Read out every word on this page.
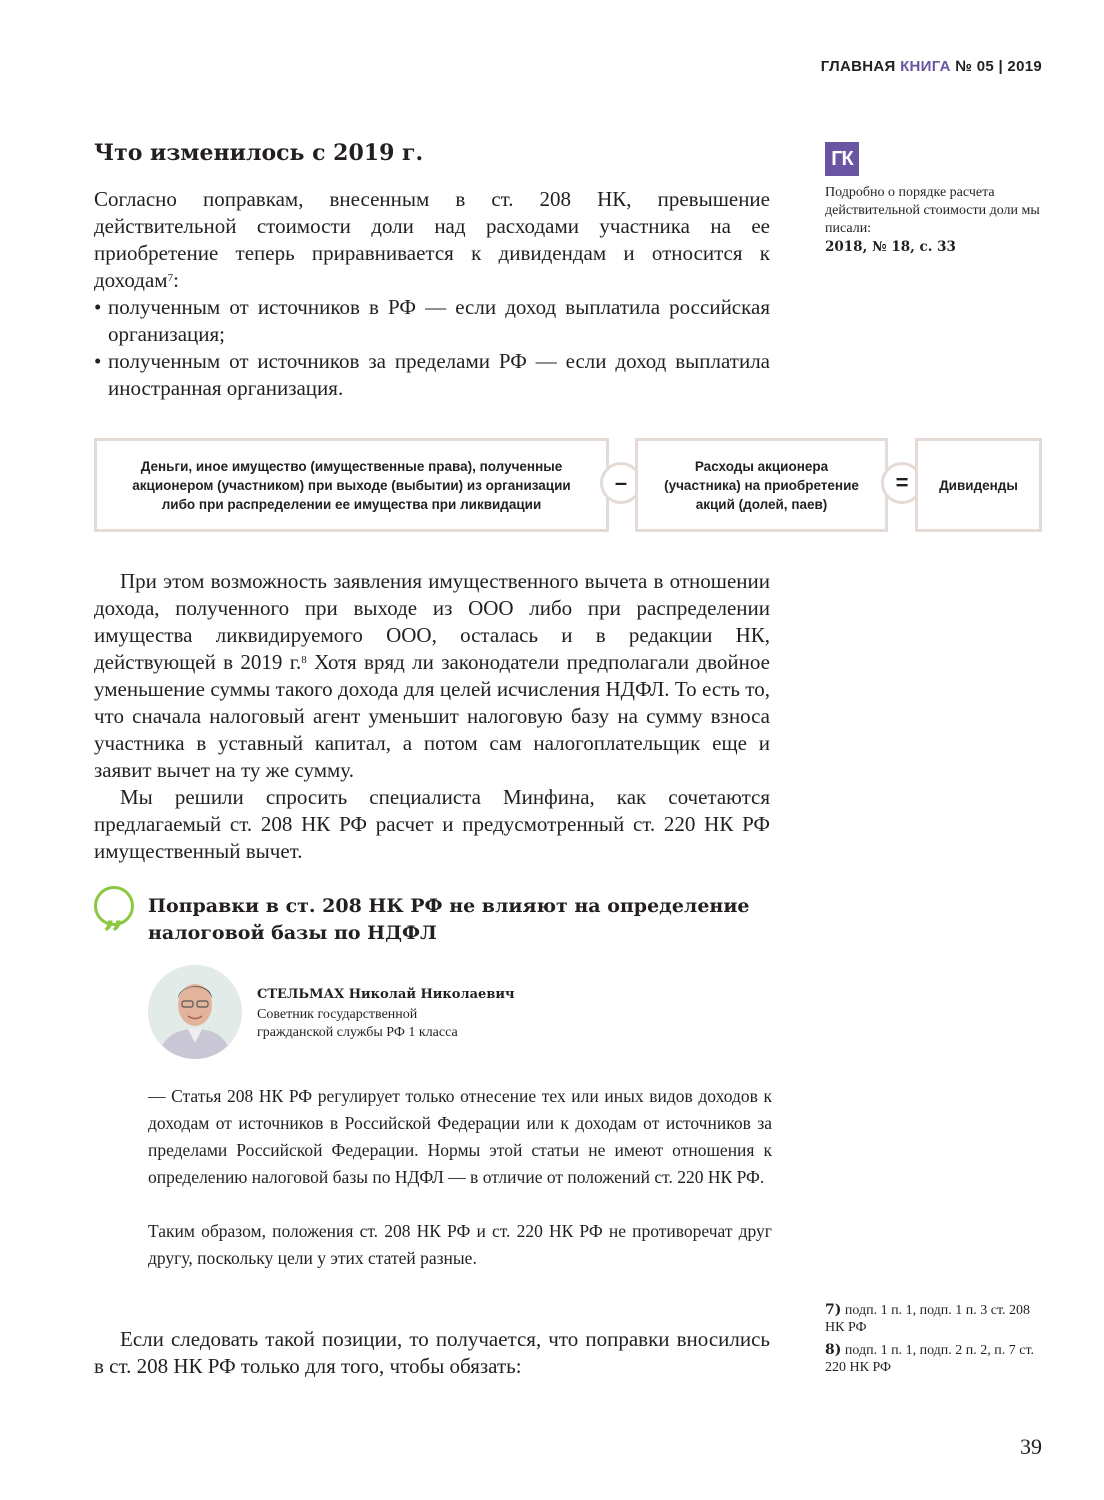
ГЛАВНАЯ КНИГА № 05 | 2019
Что изменилось с 2019 г.

Согласно поправкам, внесенным в ст. 208 НК, превышение действительной стоимости доли над расходами участника на ее приобретение теперь приравнивается к дивидендам и относится к доходам$^7$:

• полученным от источников в РФ — если доход выплатила российская организация;
• полученным от источников за пределами РФ — если доход выплатила иностранная организация.
ГК
Подробно о порядке расчета действительной стоимости доли мы писали:
2018, № 18, с. 33
Деньги, иное имущество (имущественные права), полученные акционером (участником) при выходе (выбытии) из организации либо при распределении ее имущества при ликвидации
–
Расходы акционера (участника) на приобретение акций (долей, паев)
=	Дивиденды

При этом возможность заявления имущественного вычета в отношении дохода, полученного при выходе из ООО либо при распределении имущества ликвидируемого ООО, осталась и в редакции НК, действующей в 2019 г.$^8$ Хотя вряд ли законодатели предполагали двойное уменьшение суммы такого дохода для целей исчисления НДФЛ. То есть то, что сначала налоговый агент уменьшит налоговую базу на сумму взноса участника в уставный капитал, а потом сам налогоплательщик еще и заявит вычет на ту же сумму.

Мы решили спросить специалиста Минфина, как сочетаются предлагаемый ст. 208 НК РФ расчет и предусмотренный ст. 220 НК РФ имущественный вычет.

„	Поправки в ст. 208 НК РФ не влияют на определение налоговой базы по НДФЛ
СТЕЛЬМАХ Николай Николаевич
Советник государственной
гражданской службы РФ 1 класса

— Статья 208 НК РФ регулирует только отнесение тех или иных видов доходов к доходам от источников в Российской Федерации или к доходам от источников за пределами Российской Федерации. Нормы этой статьи не имеют отношения к определению налоговой базы по НДФЛ — в отличие от положений ст. 220 НК РФ.

Таким образом, положения ст. 208 НК РФ и ст. 220 НК РФ не противоречат друг другу, поскольку цели у этих статей разные.

Если следовать такой позиции, то получается, что поправки вносились в ст. 208 НК РФ только для того, чтобы обязать:

7) подп. 1 п. 1, подп. 1 п. 3 ст. 208 НК РФ
8) подп. 1 п. 1, подп. 2 п. 2, п. 7 ст. 220 НК РФ
39
